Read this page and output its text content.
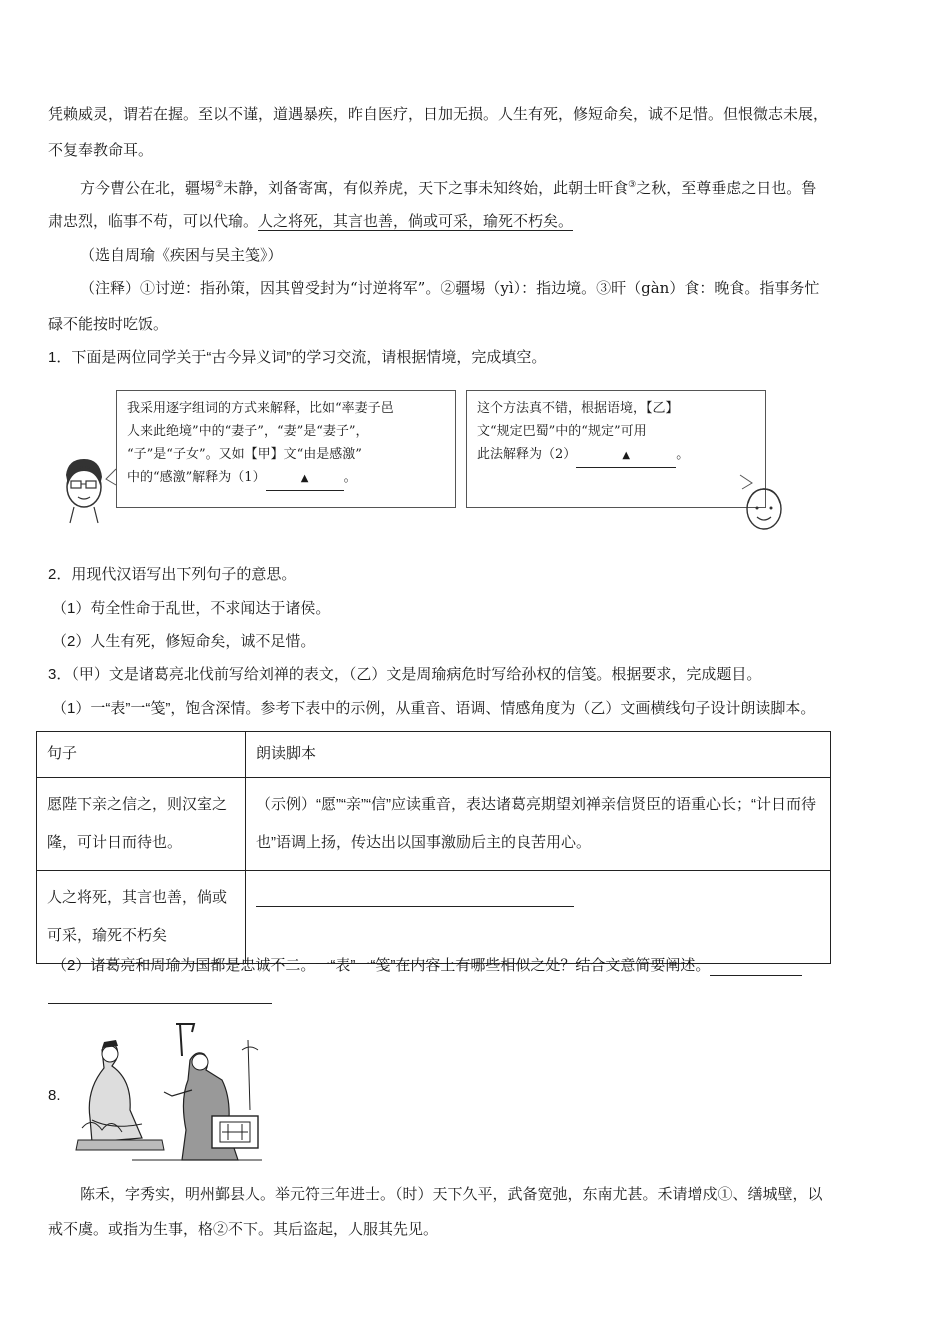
凭赖威灵，谓若在握。至以不谨，道遇暴疾，昨自医疗，日加无损。人生有死，修短命矣，诚不足惜。但恨微志未展，
不复奉教命耳。
方今曹公在北，疆埸②未静，刘备寄寓，有似养虎，天下之事未知终始，此朝士旰食③之秋，至尊垂虑之日也。鲁
肃忠烈，临事不苟，可以代瑜。人之将死，其言也善，倘或可采，瑜死不朽矣。
（选自周瑜《疾困与吴主笺》）
（注释）①讨逆：指孙策，因其曾受封为“讨逆将军”。②疆埸（yì）：指边境。③旰（gàn）食：晚食。指事务忙
碌不能按时吃饭。
1．下面是两位同学关于“古今异义词”的学习交流，请根据情境，完成填空。
我采用逐字组词的方式来解释，比如“率妻子邑
人来此绝境”中的“妻子”，“妻”是“妻子”，
“子”是“子女”。又如【甲】文“由是感激”
中的“感激”解释为（1）	▲	。
这个方法真不错，根据语境，【乙】
文“规定巴蜀”中的“规定”可用
此法解释为（2）	▲	。
2．用现代汉语写出下列句子的意思。
（1）苟全性命于乱世，不求闻达于诸侯。
（2）人生有死，修短命矣，诚不足惜。
3．（甲）文是诸葛亮北伐前写给刘禅的表文，（乙）文是周瑜病危时写给孙权的信笺。根据要求，完成题目。
（1）一“表”一“笺”，饱含深情。参考下表中的示例，从重音、语调、情感角度为（乙）文画横线句子设计朗读脚本。
句子	朗读脚本
愿陛下亲之信之，则汉室之隆，可计日而待也。	（示例）“愿”“亲”“信”应读重音，表达诸葛亮期望刘禅亲信贤臣的语重心长；“计日而待也”语调上扬，传达出以国事激励后主的良苦用心。
人之将死，其言也善，倘或可采，瑜死不朽矣	
（2）诸葛亮和周瑜为国都是忠诚不二。一“表”一“笺”在内容上有哪些相似之处？结合文意简要阐述。
8.
陈禾，字秀实，明州鄞县人。举元符三年进士。（时）天下久平，武备宽弛，东南尤甚。禾请增戍①、缮城壁，以
戒不虞。或指为生事，格②不下。其后盗起，人服其先见。
